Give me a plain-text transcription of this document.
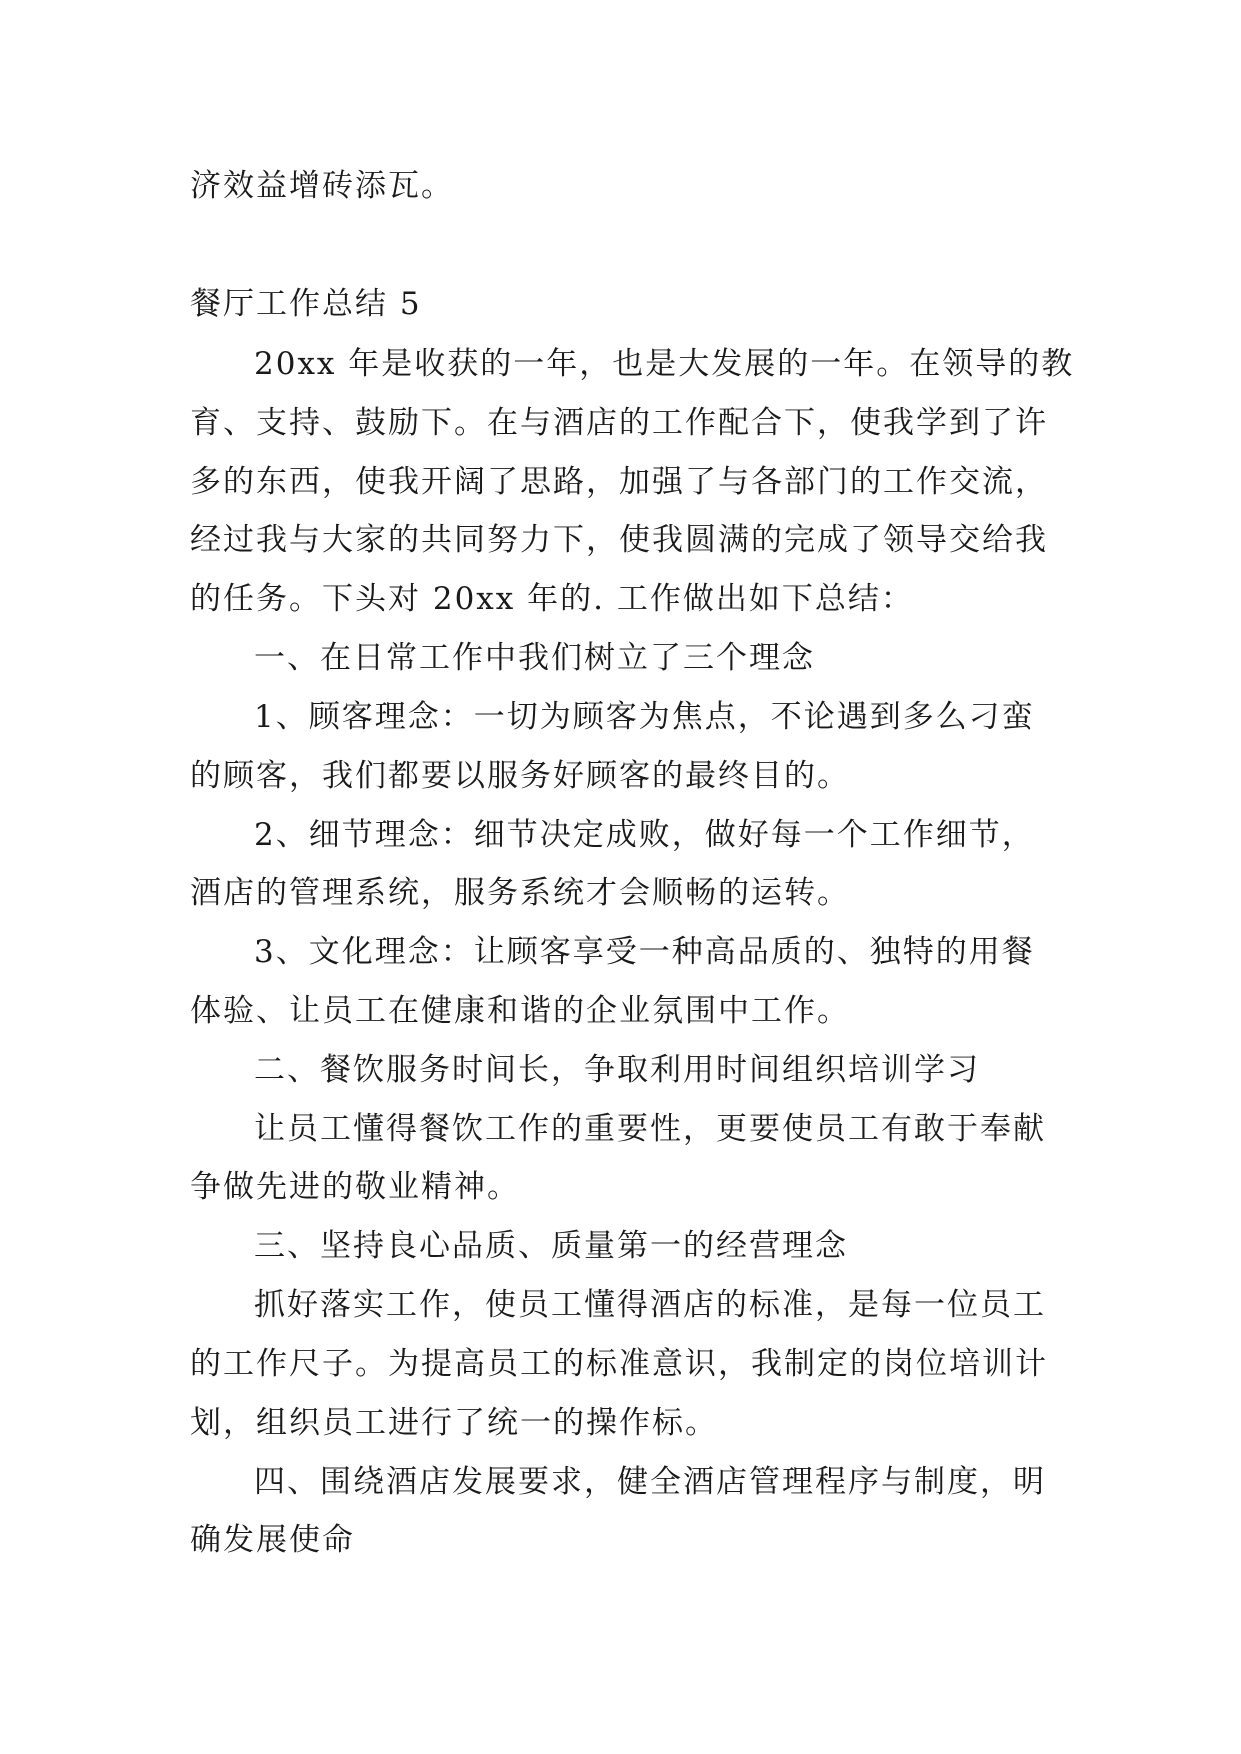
济效益增砖添瓦。
餐厅工作总结 5
20xx 年是收获的一年，也是大发展的一年。在领导的教
育、支持、鼓励下。在与酒店的工作配合下，使我学到了许
多的东西，使我开阔了思路，加强了与各部门的工作交流，
经过我与大家的共同努力下，使我圆满的完成了领导交给我
的任务。下头对 20xx 年的. 工作做出如下总结：
一、在日常工作中我们树立了三个理念
1、顾客理念：一切为顾客为焦点，不论遇到多么刁蛮
的顾客，我们都要以服务好顾客的最终目的。
2、细节理念：细节决定成败，做好每一个工作细节，
酒店的管理系统，服务系统才会顺畅的运转。
3、文化理念：让顾客享受一种高品质的、独特的用餐
体验、让员工在健康和谐的企业氛围中工作。
二、餐饮服务时间长，争取利用时间组织培训学习
让员工懂得餐饮工作的重要性，更要使员工有敢于奉献
争做先进的敬业精神。
三、坚持良心品质、质量第一的经营理念
抓好落实工作，使员工懂得酒店的标准，是每一位员工
的工作尺子。为提高员工的标准意识，我制定的岗位培训计
划，组织员工进行了统一的操作标。
四、围绕酒店发展要求，健全酒店管理程序与制度，明
确发展使命
